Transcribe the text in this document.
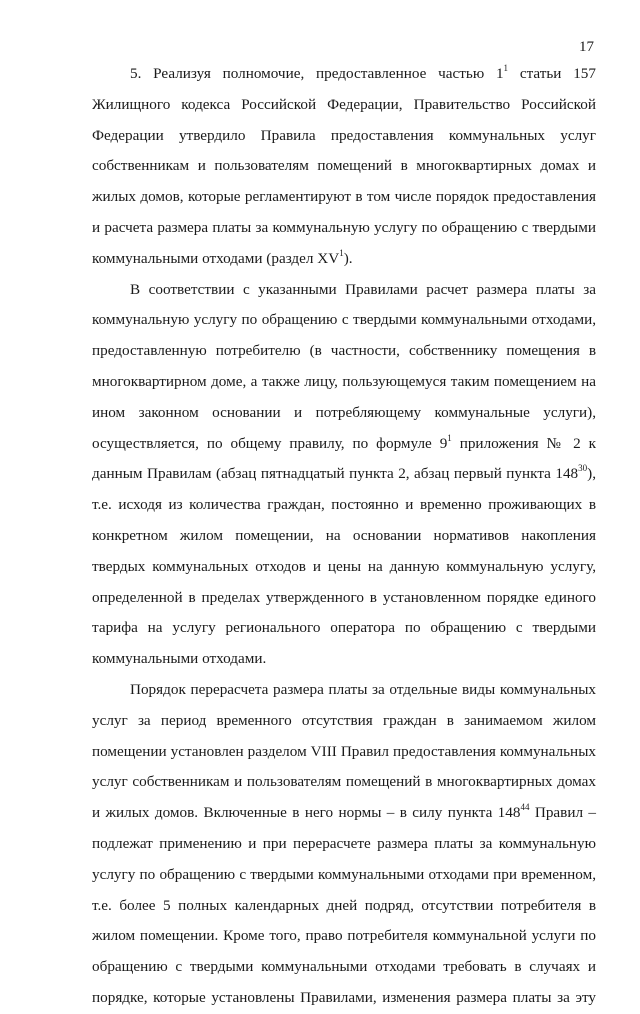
17
5. Реализуя полномочие, предоставленное частью $1^1$ статьи 157
Жилищного кодекса Российской Федерации, Правительство Российской
Федерации утвердило Правила предоставления коммунальных услуг
собственникам и пользователям помещений в многоквартирных домах и
жилых домов, которые регламентируют в том числе порядок предоставления
и расчета размера платы за коммунальную услугу по обращению с твердыми
коммунальными отходами (раздел $XV^1$).
В соответствии с указанными Правилами расчет размера платы за
коммунальную услугу по обращению с твердыми коммунальными отходами,
предоставленную потребителю (в частности, собственнику помещения в
многоквартирном доме, а также лицу, пользующемуся таким помещением на
ином законном основании и потребляющему коммунальные услуги),
осуществляется, по общему правилу, по формуле $9^1$ приложения № 2 к
данным Правилам (абзац пятнадцатый пункта 2, абзац первый пункта $148^{30}$),
т.е. исходя из количества граждан, постоянно и временно проживающих в
конкретном жилом помещении, на основании нормативов накопления
твердых коммунальных отходов и цены на данную коммунальную услугу,
определенной в пределах утвержденного в установленном порядке единого
тарифа на услугу регионального оператора по обращению с твердыми
коммунальными отходами.
Порядок перерасчета размера платы за отдельные виды коммунальных
услуг за период временного отсутствия граждан в занимаемом жилом
помещении установлен разделом VIII Правил предоставления коммунальных
услуг собственникам и пользователям помещений в многоквартирных домах
и жилых домов. Включенные в него нормы – в силу пункта $148^{44}$ Правил –
подлежат применению и при перерасчете размера платы за коммунальную
услугу по обращению с твердыми коммунальными отходами при временном,
т.е. более 5 полных календарных дней подряд, отсутствии потребителя в
жилом помещении. Кроме того, право потребителя коммунальной услуги по
обращению с твердыми коммунальными отходами требовать в случаях и
порядке, которые установлены Правилами, изменения размера платы за эту
